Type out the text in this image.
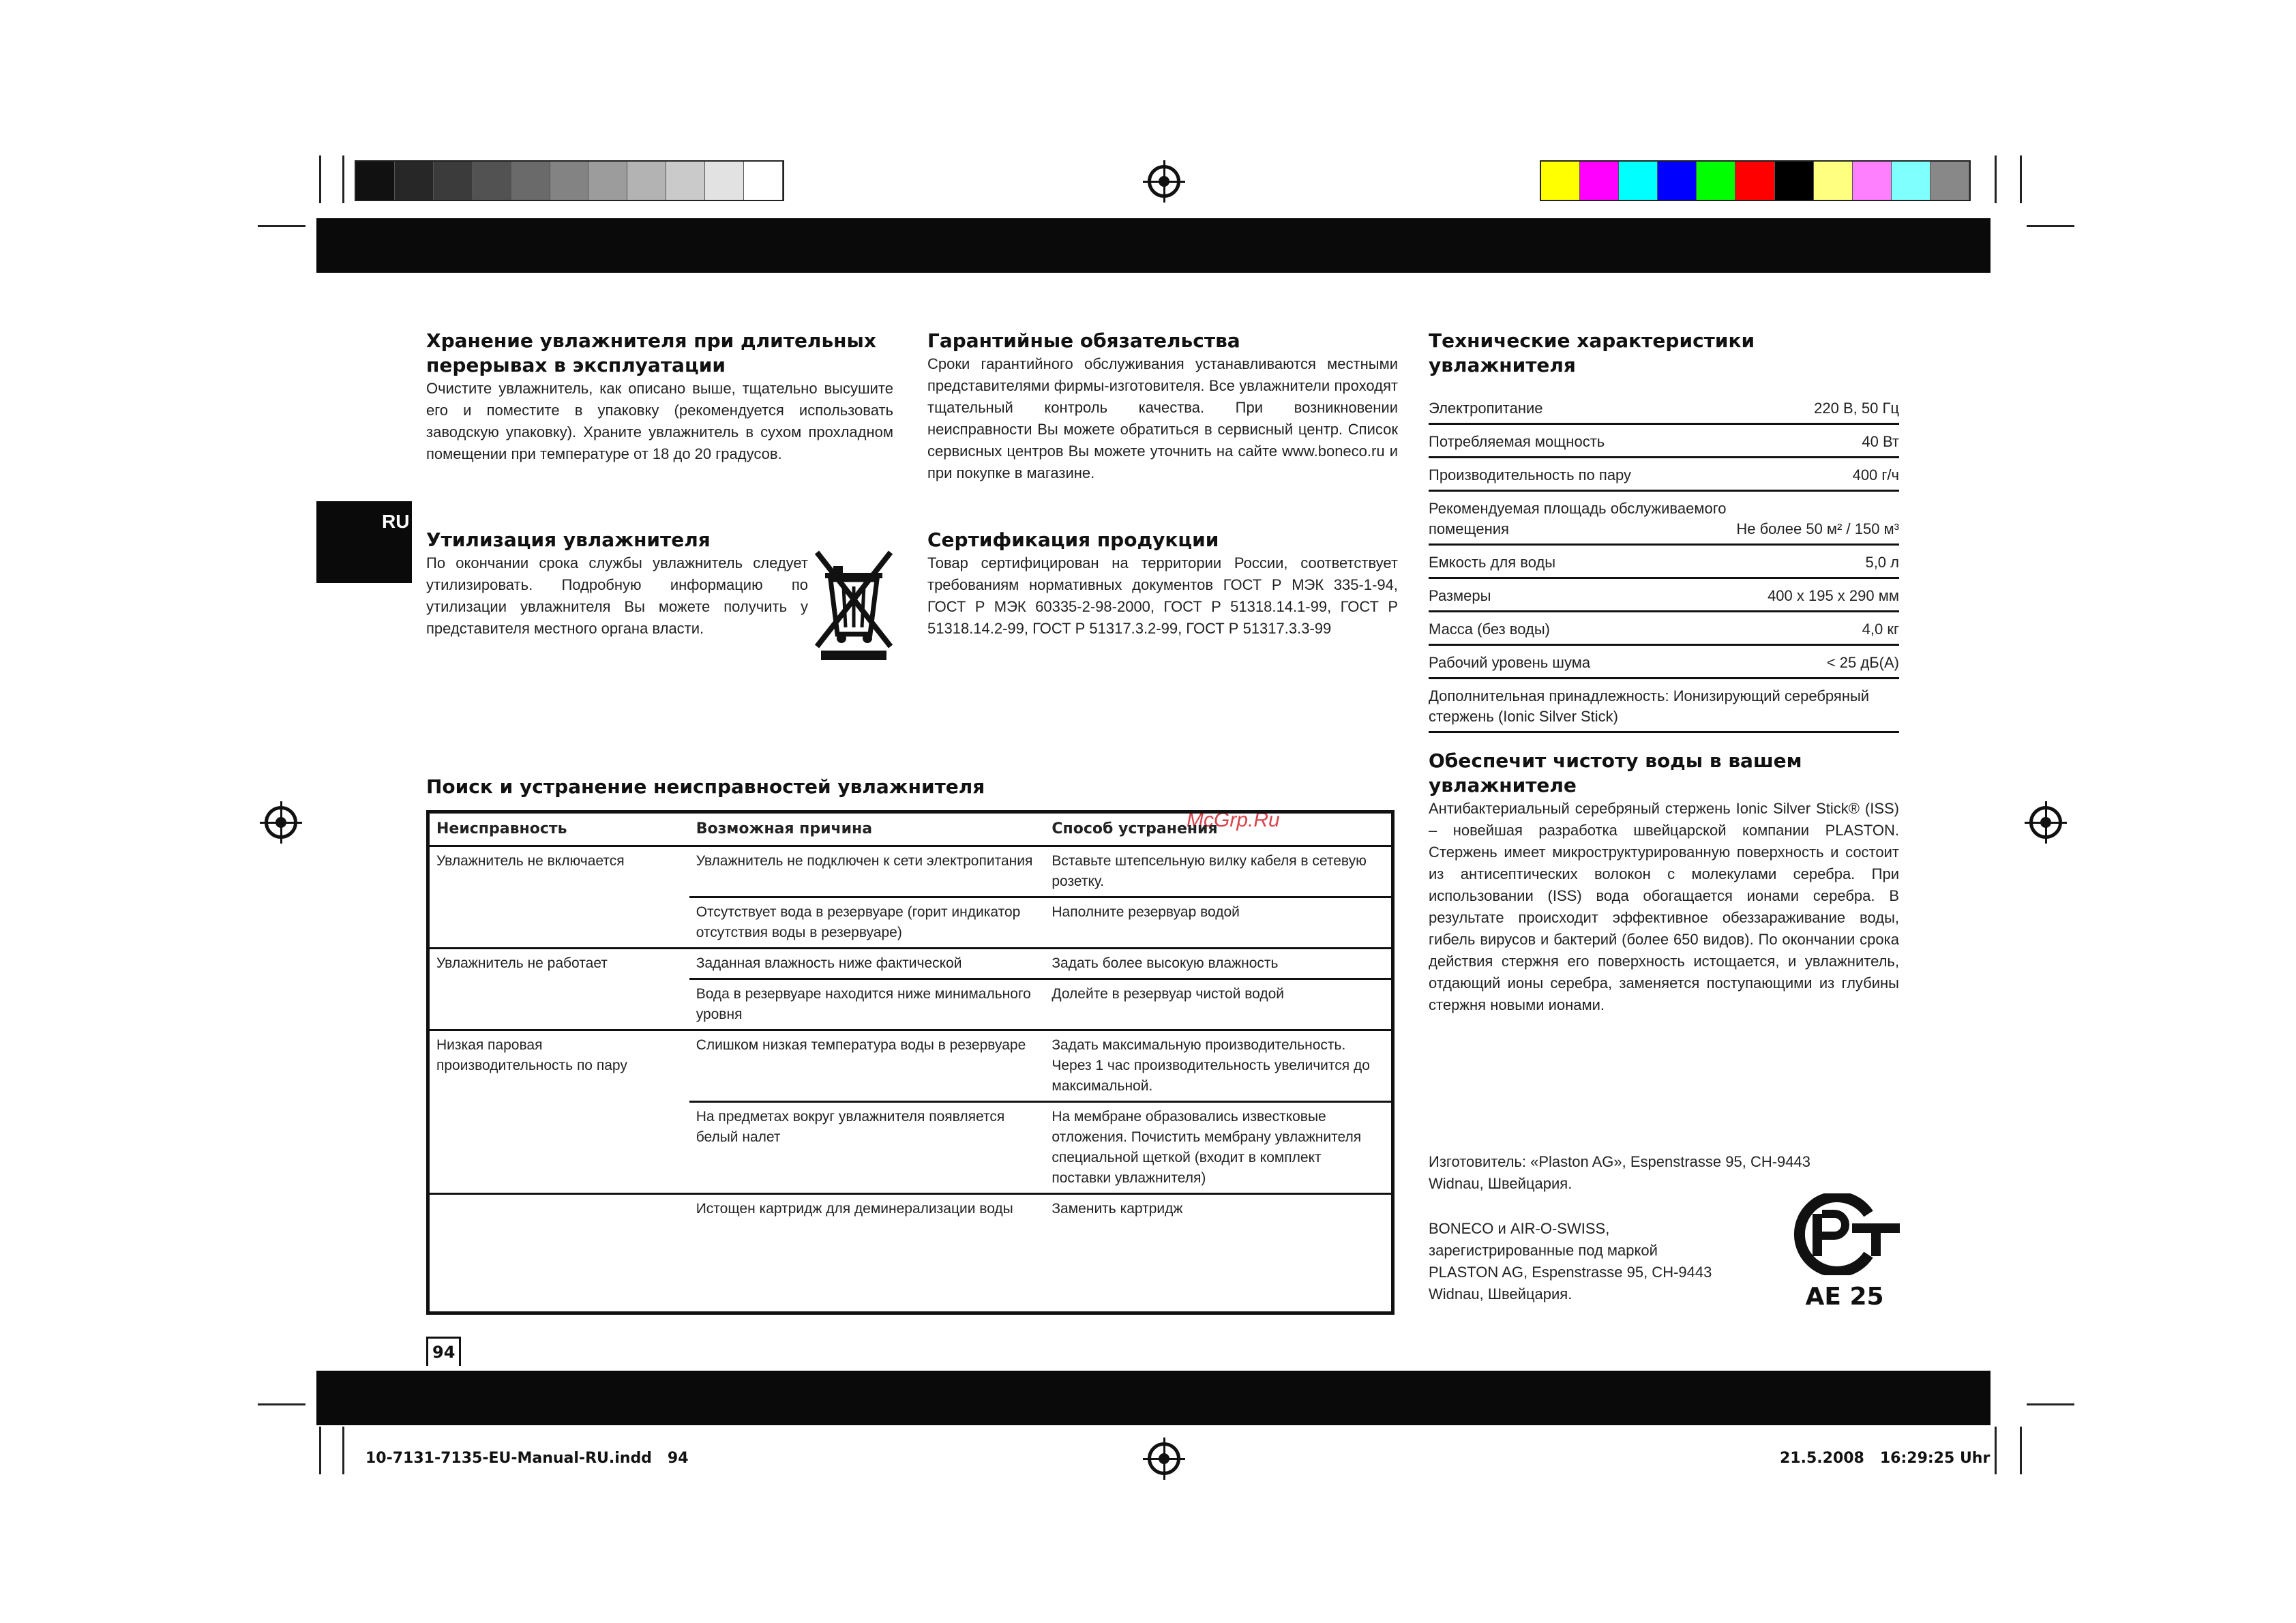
RU
Хранение увлажнителя при длительных перерывах в эксплуатации

Очистите увлажнитель, как описано выше, тщательно высушите его и поместите в упаковку (рекомендуется использовать заводскую упаковку). Храните увлажнитель в сухом прохладном помещении при температуре от 18 до 20 градусов.

Утилизация увлажнителя

По окончании срока службы увлажнитель следует утилизировать. Подробную информацию по утилизации увлажнителя Вы можете получить у представителя местного органа власти.

Гарантийные обязательства

Сроки гарантийного обслуживания устанавливаются местными представителями фирмы-изготовителя. Все увлажнители проходят тщательный контроль качества. При возникновении неисправности Вы можете обратиться в сервисный центр. Список сервисных центров Вы можете уточнить на сайте www.boneco.ru и при покупке в магазине.

Сертификация продукции

Товар сертифицирован на территории России, соответствует требованиям нормативных документов ГОСТ Р МЭК 335-1-94, ГОСТ Р МЭК 60335-2-98-2000, ГОСТ Р 51318.14.1-99, ГОСТ Р 51318.14.2-99, ГОСТ Р 51317.3.2-99, ГОСТ Р 51317.3.3-99

Технические характеристики увлажнителя
Электропитание	220 В, 50 Гц
Потребляемая мощность	40 Вт
Производительность по пару	400 г/ч
Рекомендуемая площадь обслуживаемого помещения	Не более 50 м² / 150 м³
Емкость для воды	5,0 л
Размеры	400 x 195 x 290 мм
Масса (без воды)	4,0 кг
Рабочий уровень шума	< 25 дБ(А)
Дополнительная принадлежность: Ионизирующий серебряный стержень (Ionic Silver Stick)
Обеспечит чистоту воды в вашем увлажнителе

Антибактериальный серебряный стержень Ionic Silver Stick® (ISS) – новейшая разработка швейцарской компании PLASTON. Стержень имеет микроструктурированную поверхность и состоит из антисептических волокон с молекулами серебра. При использовании (ISS) вода обогащается ионами серебра. В результате происходит эффективное обеззараживание воды, гибель вирусов и бактерий (более 650 видов). По окончании срока действия стержня его поверхность истощается, и увлажнитель, отдающий ионы серебра, заменяется поступающими из глубины стержня новыми ионами.

Изготовитель: «Plaston AG», Espenstrasse 95, CH-9443 Widnau, Швейцария.

BONECO и AIR-O-SWISS, зарегистрированные под маркой PLASTON AG, Espenstrasse 95, CH-9443 Widnau, Швейцария.	AE 25
Поиск и устранение неисправностей увлажнителя
McGrp.Ru
Неисправность	Возможная причина	Способ устранения
Увлажнитель не включается	Увлажнитель не подключен к сети электропитания	Вставьте штепсельную вилку кабеля в сетевую розетку.
	Отсутствует вода в резервуаре (горит индикатор отсутствия воды в резервуаре)	Наполните резервуар водой
Увлажнитель не работает	Заданная влажность ниже фактической	Задать более высокую влажность
	Вода в резервуаре находится ниже минимального уровня	Долейте в резервуар чистой водой
Низкая паровая производительность по пару	Слишком низкая температура воды в резервуаре	Задать максимальную производительность. Через 1 час производительность увеличится до максимальной.
	На предметах вокруг увлажнителя появляется белый налет	На мембране образовались известковые отложения. Почистить мембрану увлажнителя специальной щеткой (входит в комплект поставки увлажнителя)
	Истощен картридж для деминерализации воды	Заменить картридж
94
10-7131-7135-EU-Manual-RU.indd   94	21.5.2008   16:29:25 Uhr
